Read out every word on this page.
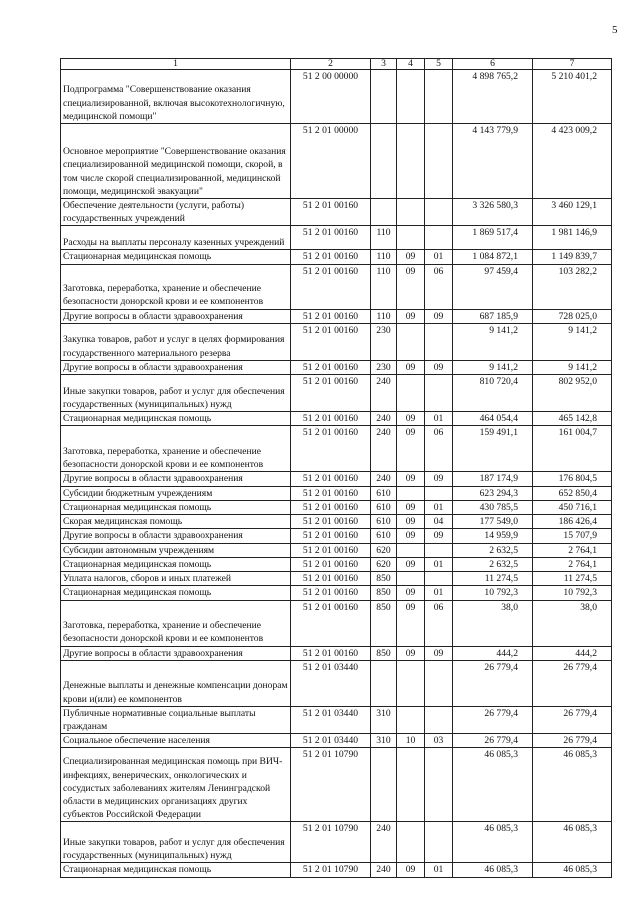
5
1	2	3	4	5	6	7
Подпрограмма "Совершенствование оказания специализированной, включая высокотехнологичную, медицинской помощи"	51 2 00 00000				4 898 765,2	5 210 401,2
Основное мероприятие "Совершенствование оказания специализированной медицинской помощи, скорой, в том числе скорой специализированной, медицинской помощи, медицинской эвакуации"	51 2 01 00000				4 143 779,9	4 423 009,2
Обеспечение деятельности (услуги, работы) государственных учреждений	51 2 01 00160				3 326 580,3	3 460 129,1
Расходы на выплаты персоналу казенных учреждений	51 2 01 00160	110			1 869 517,4	1 981 146,9
Стационарная медицинская помощь	51 2 01 00160	110	09	01	1 084 872,1	1 149 839,7
Заготовка, переработка, хранение и обеспечение безопасности донорской крови и ее компонентов	51 2 01 00160	110	09	06	97 459,4	103 282,2
Другие вопросы в области здравоохранения	51 2 01 00160	110	09	09	687 185,9	728 025,0
Закупка товаров, работ и услуг в целях формирования государственного материального резерва	51 2 01 00160	230			9 141,2	9 141,2
Другие вопросы в области здравоохранения	51 2 01 00160	230	09	09	9 141,2	9 141,2
Иные закупки товаров, работ и услуг для обеспечения государственных (муниципальных) нужд	51 2 01 00160	240			810 720,4	802 952,0
Стационарная медицинская помощь	51 2 01 00160	240	09	01	464 054,4	465 142,8
Заготовка, переработка, хранение и обеспечение безопасности донорской крови и ее компонентов	51 2 01 00160	240	09	06	159 491,1	161 004,7
Другие вопросы в области здравоохранения	51 2 01 00160	240	09	09	187 174,9	176 804,5
Субсидии бюджетным учреждениям	51 2 01 00160	610			623 294,3	652 850,4
Стационарная медицинская помощь	51 2 01 00160	610	09	01	430 785,5	450 716,1
Скорая медицинская помощь	51 2 01 00160	610	09	04	177 549,0	186 426,4
Другие вопросы в области здравоохранения	51 2 01 00160	610	09	09	14 959,9	15 707,9
Субсидии автономным учреждениям	51 2 01 00160	620			2 632,5	2 764,1
Стационарная медицинская помощь	51 2 01 00160	620	09	01	2 632,5	2 764,1
Уплата налогов, сборов и иных платежей	51 2 01 00160	850			11 274,5	11 274,5
Стационарная медицинская помощь	51 2 01 00160	850	09	01	10 792,3	10 792,3
Заготовка, переработка, хранение и обеспечение безопасности донорской крови и ее компонентов	51 2 01 00160	850	09	06	38,0	38,0
Другие вопросы в области здравоохранения	51 2 01 00160	850	09	09	444,2	444,2
Денежные выплаты и денежные компенсации донорам крови и(или) ее компонентов	51 2 01 03440				26 779,4	26 779,4
Публичные нормативные социальные выплаты гражданам	51 2 01 03440	310			26 779,4	26 779,4
Социальное обеспечение населения	51 2 01 03440	310	10	03	26 779,4	26 779,4
Специализированная медицинская помощь при ВИЧ-инфекциях, венерических, онкологических и сосудистых заболеваниях жителям Ленинградской области в медицинских организациях других субъектов Российской Федерации	51 2 01 10790				46 085,3	46 085,3
Иные закупки товаров, работ и услуг для обеспечения государственных (муниципальных) нужд	51 2 01 10790	240			46 085,3	46 085,3
Стационарная медицинская помощь	51 2 01 10790	240	09	01	46 085,3	46 085,3
